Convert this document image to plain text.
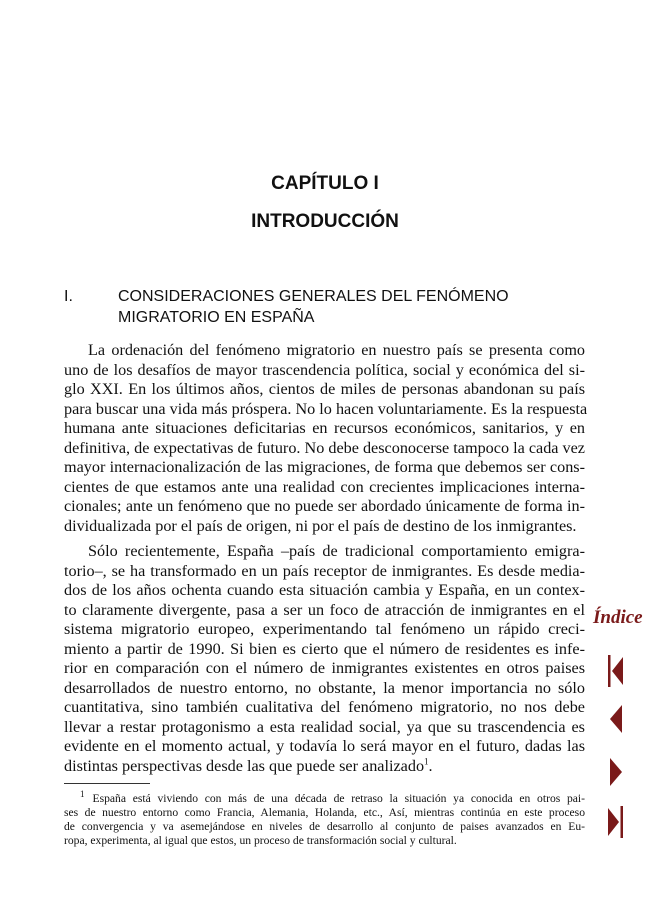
CAPÍTULO I
INTRODUCCIÓN
I.	CONSIDERACIONES GENERALES DEL FENÓMENO
MIGRATORIO EN ESPAÑA
La ordenación del fenómeno migratorio en nuestro país se presenta como
uno de los desafíos de mayor trascendencia política, social y económica del si-
glo XXI. En los últimos años, cientos de miles de personas abandonan su país
para buscar una vida más próspera. No lo hacen voluntariamente. Es la respuesta
humana ante situaciones deficitarias en recursos económicos, sanitarios, y en
definitiva, de expectativas de futuro. No debe desconocerse tampoco la cada vez
mayor internacionalización de las migraciones, de forma que debemos ser cons-
cientes de que estamos ante una realidad con crecientes implicaciones interna-
cionales; ante un fenómeno que no puede ser abordado únicamente de forma in-
dividualizada por el país de origen, ni por el país de destino de los inmigrantes.
Sólo recientemente, España –país de tradicional comportamiento emigra-
torio–, se ha transformado en un país receptor de inmigrantes. Es desde media-
dos de los años ochenta cuando esta situación cambia y España, en un contex-
to claramente divergente, pasa a ser un foco de atracción de inmigrantes en el
sistema migratorio europeo, experimentando tal fenómeno un rápido creci-
miento a partir de 1990. Si bien es cierto que el número de residentes es infe-
rior en comparación con el número de inmigrantes existentes en otros paises
desarrollados de nuestro entorno, no obstante, la menor importancia no sólo
cuantitativa, sino también cualitativa del fenómeno migratorio, no nos debe
llevar a restar protagonismo a esta realidad social, ya que su trascendencia es
evidente en el momento actual, y todavía lo será mayor en el futuro, dadas las
distintas perspectivas desde las que puede ser analizado$^1$.
$^1$ España está viviendo con más de una década de retraso la situación ya conocida en otros pai-
ses de nuestro entorno como Francia, Alemania, Holanda, etc., Así, mientras continúa en este proceso
de convergencia y va asemejándose en niveles de desarrollo al conjunto de paises avanzados en Eu-
ropa, experimenta, al igual que estos, un proceso de transformación social y cultural.
Índice
